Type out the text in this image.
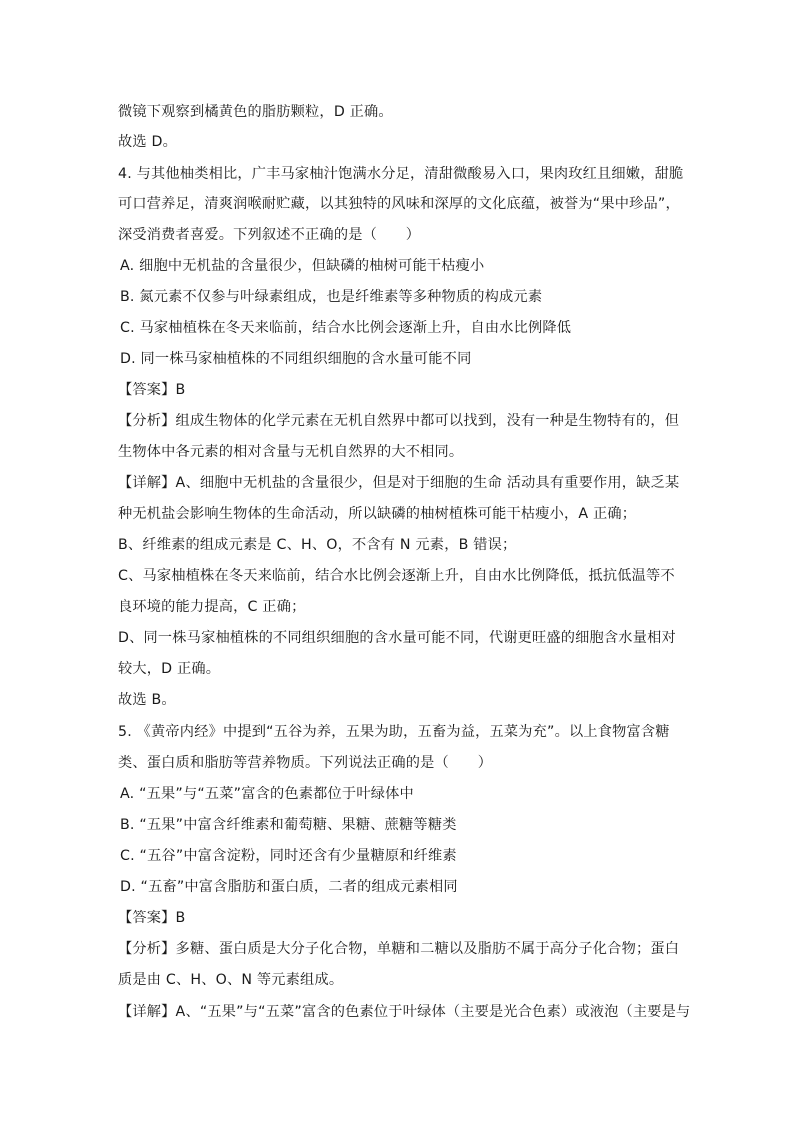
微镜下观察到橘黄色的脂肪颗粒，D 正确。
故选 D。
4. 与其他柚类相比，广丰马家柚汁饱满水分足，清甜微酸易入口，果肉玫红且细嫩，甜脆
可口营养足，清爽润喉耐贮藏，以其独特的风味和深厚的文化底蕴，被誉为“果中珍品”，
深受消费者喜爱。下列叙述不正确的是（　　）
A. 细胞中无机盐的含量很少，但缺磷的柚树可能干枯瘦小
B. 氮元素不仅参与叶绿素组成，也是纤维素等多种物质的构成元素
C. 马家柚植株在冬天来临前，结合水比例会逐渐上升，自由水比例降低
D. 同一株马家柚植株的不同组织细胞的含水量可能不同
【答案】B
【分析】组成生物体的化学元素在无机自然界中都可以找到，没有一种是生物特有的，但
生物体中各元素的相对含量与无机自然界的大不相同。
【详解】A、细胞中无机盐的含量很少，但是对于细胞的生命 活动具有重要作用，缺乏某
种无机盐会影响生物体的生命活动，所以缺磷的柚树植株可能干枯瘦小，A 正确；
B、纤维素的组成元素是 C、H、O，不含有 N 元素，B 错误；
C、马家柚植株在冬天来临前，结合水比例会逐渐上升，自由水比例降低，抵抗低温等不
良环境的能力提高，C 正确；
D、同一株马家柚植株的不同组织细胞的含水量可能不同，代谢更旺盛的细胞含水量相对
较大，D 正确。
故选 B。
5. 《黄帝内经》中提到“五谷为养，五果为助，五畜为益，五菜为充”。以上食物富含糖
类、蛋白质和脂肪等营养物质。下列说法正确的是（　　）
A. “五果”与“五菜”富含的色素都位于叶绿体中
B. “五果”中富含纤维素和葡萄糖、果糖、蔗糖等糖类
C. “五谷”中富含淀粉，同时还含有少量糖原和纤维素
D. “五畜”中富含脂肪和蛋白质，二者的组成元素相同
【答案】B
【分析】多糖、蛋白质是大分子化合物，单糖和二糖以及脂肪不属于高分子化合物；蛋白
质是由 C、H、O、N 等元素组成。
【详解】A、“五果”与“五菜”富含的色素位于叶绿体（主要是光合色素）或液泡（主要是与
